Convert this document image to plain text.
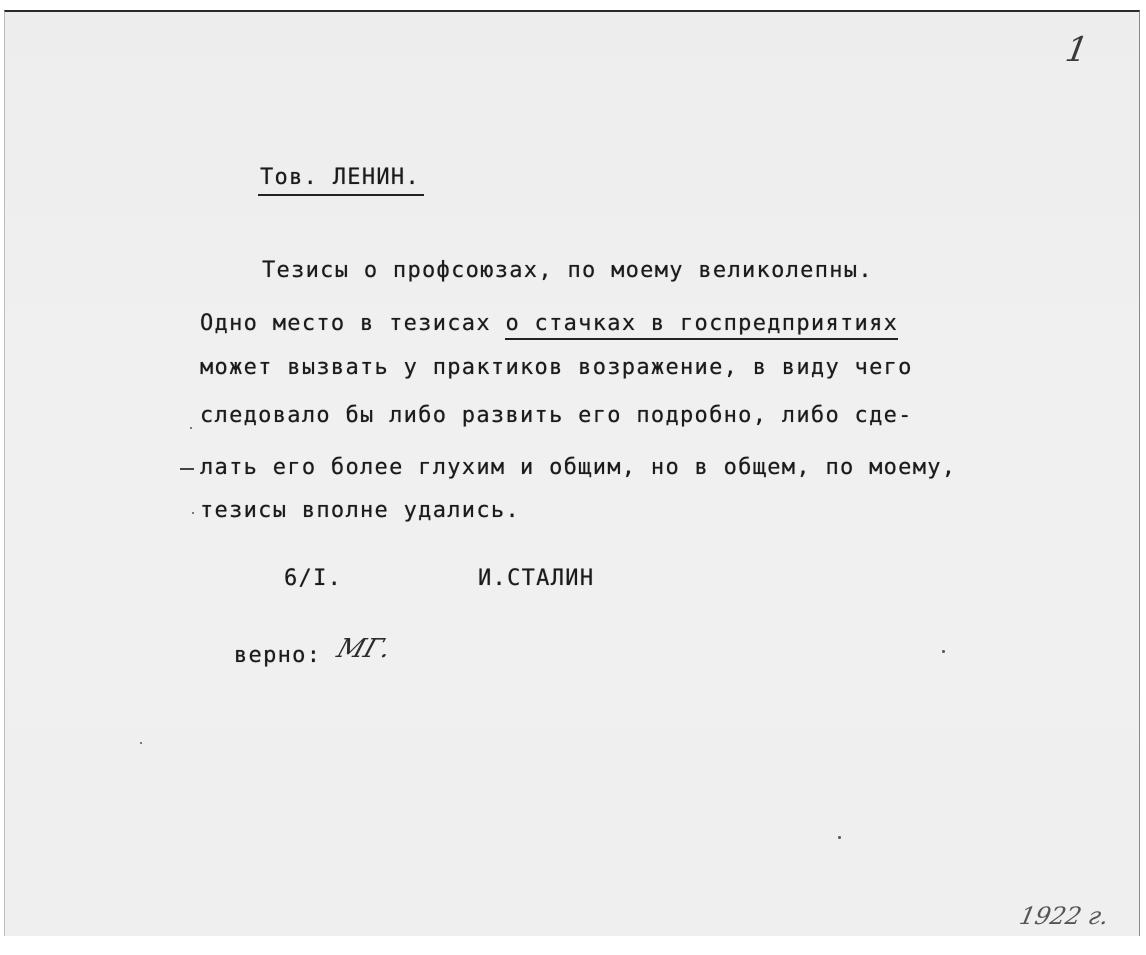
1
Тов. ЛЕНИН.
Тезисы о профсоюзах, по моему великолепны.
Одно место в тезисах о стачках в госпредприятиях
может вызвать у практиков возражение, в виду чего
следовало бы либо развить его подробно, либо сде-
лать его более глухим и общим, но в общем, по моему,
тезисы вполне удались.
6/I.	И.СТАЛИН
верно: МГ.
1922 г.
